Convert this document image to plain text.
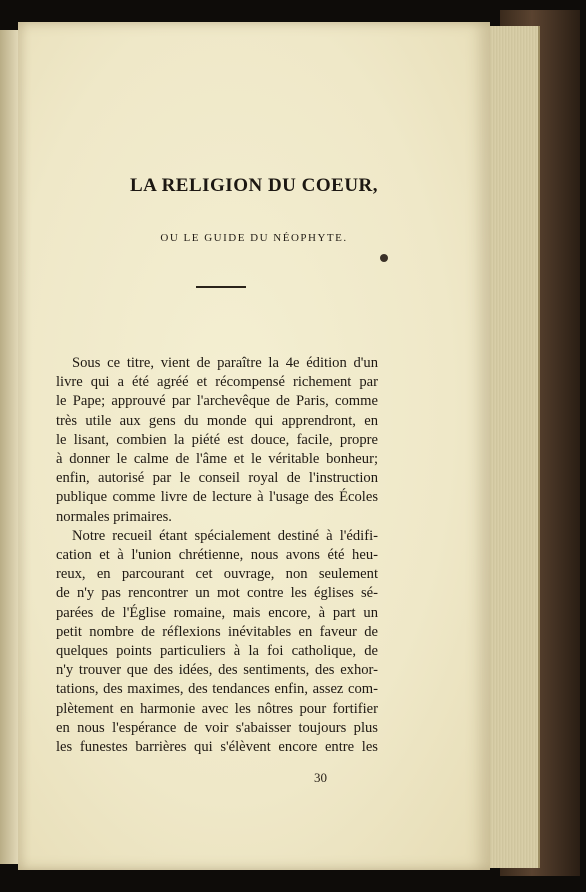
LA RELIGION DU COEUR,
OU LE GUIDE DU NÉOPHYTE.
Sous ce titre, vient de paraître la 4e édition d'un
livre qui a été agréé et récompensé richement par
le Pape; approuvé par l'archevêque de Paris, comme
très utile aux gens du monde qui apprendront, en
le lisant, combien la piété est douce, facile, propre
à donner le calme de l'âme et le véritable bonheur;
enfin, autorisé par le conseil royal de l'instruction
publique comme livre de lecture à l'usage des Écoles
normales primaires.
Notre recueil étant spécialement destiné à l'édifi-
cation et à l'union chrétienne, nous avons été heu-
reux, en parcourant cet ouvrage, non seulement
de n'y pas rencontrer un mot contre les églises sé-
parées de l'Église romaine, mais encore, à part un
petit nombre de réflexions inévitables en faveur de
quelques points particuliers à la foi catholique, de
n'y trouver que des idées, des sentiments, des exhor-
tations, des maximes, des tendances enfin, assez com-
plètement en harmonie avec les nôtres pour fortifier
en nous l'espérance de voir s'abaisser toujours plus
les funestes barrières qui s'élèvent encore entre les
30
